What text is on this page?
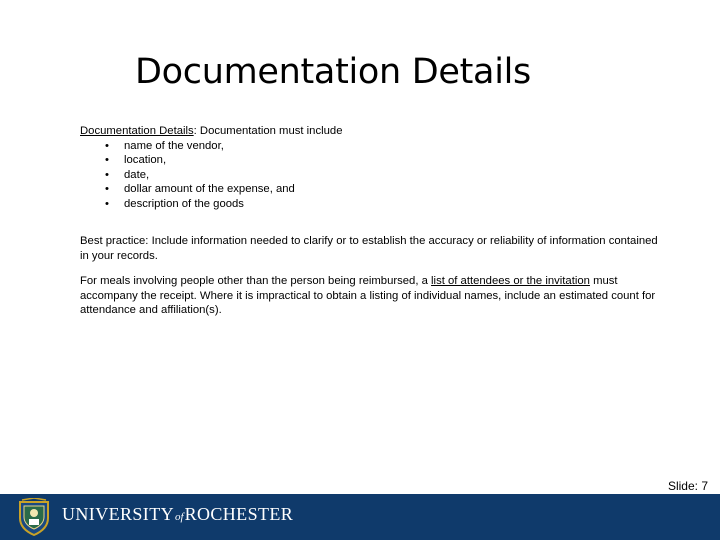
Documentation Details
Documentation Details: Documentation must include
• name of the vendor,
• location,
• date,
• dollar amount of the expense, and
• description of the goods

Best practice: Include information needed to clarify or to establish the accuracy or reliability of information contained in your records.

For meals involving people other than the person being reimbursed, a list of attendees or the invitation must accompany the receipt. Where it is impractical to obtain a listing of individual names, include an estimated count for attendance and affiliation(s).

Slide: 7
UNIVERSITYofROCHESTER
